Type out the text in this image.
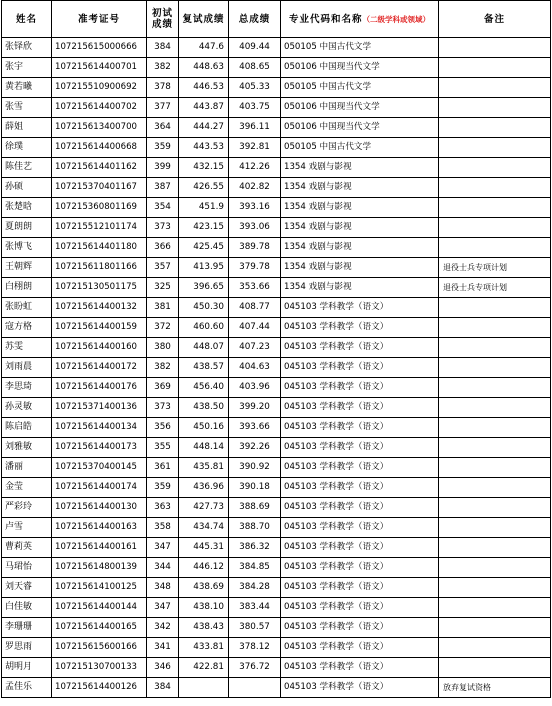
姓名	准考证号	初试成绩	复试成绩	总成绩	专业代码和名称（二级学科或领域）	备注
张铎欣	107215615000666	384	447.6	409.44	050105 中国古代文学	
张宇	107215614400701	382	448.63	408.65	050106 中国现当代文学	
黄若曦	107215510900692	378	446.53	405.33	050105 中国古代文学	
张雪	107215614400702	377	443.87	403.75	050106 中国现当代文学	
薛姐	107215613400700	364	444.27	396.11	050106 中国现当代文学	
徐璞	107215614400668	359	443.53	392.81	050105 中国古代文学	
陈佳艺	107215614401162	399	432.15	412.26	1354 戏剧与影视	
孙硕	107215370401167	387	426.55	402.82	1354 戏剧与影视	
张楚晗	107215360801169	354	451.9	393.16	1354 戏剧与影视	
夏朗朗	107215512101174	373	423.15	393.06	1354 戏剧与影视	
张博飞	107215614401180	366	425.45	389.78	1354 戏剧与影视	
王朝辉	107215611801166	357	413.95	379.78	1354 戏剧与影视	退役士兵专项计划
白栩朗	107215130501175	325	396.65	353.66	1354 戏剧与影视	退役士兵专项计划
张盼虹	107215614400132	381	450.30	408.77	045103 学科教学（语文）	
寇方格	107215614400159	372	460.60	407.44	045103 学科教学（语文）	
苏雯	107215614400160	380	448.07	407.23	045103 学科教学（语文）	
刘雨晨	107215614400172	382	438.57	404.63	045103 学科教学（语文）	
李思琦	107215614400176	369	456.40	403.96	045103 学科教学（语文）	
孙灵敏	107215371400136	373	438.50	399.20	045103 学科教学（语文）	
陈启皓	107215614400134	356	450.16	393.66	045103 学科教学（语文）	
刘雅敏	107215614400173	355	448.14	392.26	045103 学科教学（语文）	
潘丽	107215370400145	361	435.81	390.92	045103 学科教学（语文）	
金莹	107215614400174	359	436.96	390.18	045103 学科教学（语文）	
严彩玲	107215614400130	363	427.73	388.69	045103 学科教学（语文）	
卢雪	107215614400163	358	434.74	388.70	045103 学科教学（语文）	
曹莉英	107215614400161	347	445.31	386.32	045103 学科教学（语文）	
马珺怡	107215614800139	344	446.12	384.85	045103 学科教学（语文）	
刘天睿	107215614100125	348	438.69	384.28	045103 学科教学（语文）	
白佳敏	107215614400144	347	438.10	383.44	045103 学科教学（语文）	
李珊珊	107215614400165	342	438.43	380.57	045103 学科教学（语文）	
罗思雨	107215615600166	341	433.81	378.12	045103 学科教学（语文）	
胡明月	107215130700133	346	422.81	376.72	045103 学科教学（语文）	
孟佳乐	107215614400126	384			045103 学科教学（语文）	放弃复试资格
